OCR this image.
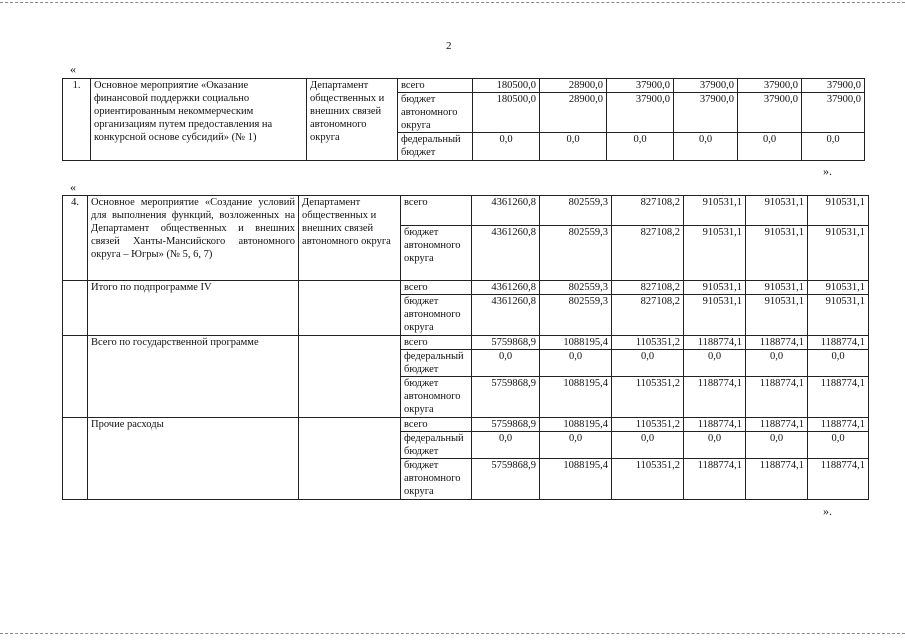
2
«
1.	Основное мероприятие «Оказание финансовой поддержки социально ориентированным некоммерческим организациям путем предоставления на конкурсной основе субсидий» (№ 1)	Департамент общественных и внешних связей автономного округа	всего	180500,0	28900,0	37900,0	37900,0	37900,0	37900,0
			бюджет автономного округа	180500,0	28900,0	37900,0	37900,0	37900,0	37900,0
			федеральный бюджет	0,0	0,0	0,0	0,0	0,0	0,0
».
«
4.	Основное мероприятие «Создание условий для выполнения функций, возложенных на Департамент общественных и внешних связей Ханты-Мансийского автономного округа – Югры» (№ 5, 6, 7)	Департамент общественных и внешних связей автономного округа	всего	4361260,8	802559,3	827108,2	910531,1	910531,1	910531,1
			бюджет автономного округа	4361260,8	802559,3	827108,2	910531,1	910531,1	910531,1
	Итого по подпрограмме IV		всего	4361260,8	802559,3	827108,2	910531,1	910531,1	910531,1
			бюджет автономного округа	4361260,8	802559,3	827108,2	910531,1	910531,1	910531,1
	Всего по государственной программе		всего	5759868,9	1088195,4	1105351,2	1188774,1	1188774,1	1188774,1
			федеральный бюджет	0,0	0,0	0,0	0,0	0,0	0,0
			бюджет автономного округа	5759868,9	1088195,4	1105351,2	1188774,1	1188774,1	1188774,1
	Прочие расходы		всего	5759868,9	1088195,4	1105351,2	1188774,1	1188774,1	1188774,1
			федеральный бюджет	0,0	0,0	0,0	0,0	0,0	0,0
			бюджет автономного округа	5759868,9	1088195,4	1105351,2	1188774,1	1188774,1	1188774,1
».
